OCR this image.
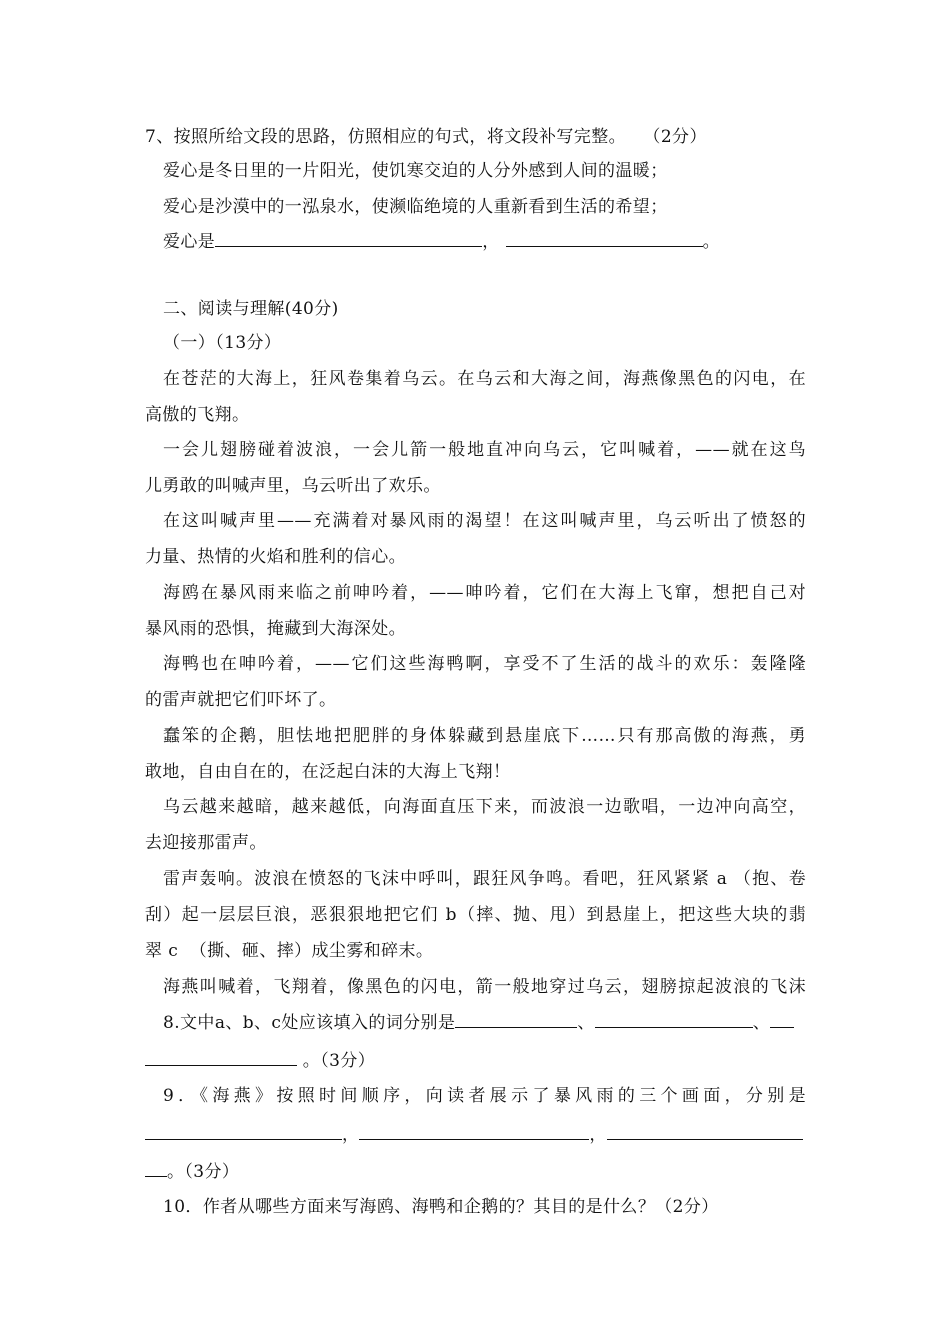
7、按照所给文段的思路，仿照相应的句式，将文段补写完整。   （2分）
爱心是冬日里的一片阳光，使饥寒交迫的人分外感到人间的温暖；
爱心是沙漠中的一泓泉水，使濒临绝境的人重新看到生活的希望；
爱心是	，	。
二、阅读与理解(40分)
（一）（13分）
在苍茫的大海上，狂风卷集着乌云。在乌云和大海之间，海燕像黑色的闪电，在
高傲的飞翔。
一会儿翅膀碰着波浪，一会儿箭一般地直冲向乌云，它叫喊着，——就在这鸟
儿勇敢的叫喊声里，乌云听出了欢乐。
在这叫喊声里——充满着对暴风雨的渴望！在这叫喊声里，乌云听出了愤怒的
力量、热情的火焰和胜利的信心。
海鸥在暴风雨来临之前呻吟着，——呻吟着，它们在大海上飞窜，想把自己对
暴风雨的恐惧，掩藏到大海深处。
海鸭也在呻吟着，——它们这些海鸭啊，享受不了生活的战斗的欢乐：轰隆隆
的雷声就把它们吓坏了。
蠢笨的企鹅，胆怯地把肥胖的身体躲藏到悬崖底下……只有那高傲的海燕，勇
敢地，自由自在的，在泛起白沫的大海上飞翔！
乌云越来越暗，越来越低，向海面直压下来，而波浪一边歌唱，一边冲向高空，
去迎接那雷声。
雷声轰响。波浪在愤怒的飞沫中呼叫，跟狂风争鸣。看吧，狂风紧紧 a （抱、卷
刮）起一层层巨浪，恶狠狠地把它们 b（摔、抛、甩）到悬崖上，把这些大块的翡
翠 c  （撕、砸、摔）成尘雾和碎末。
海燕叫喊着，飞翔着，像黑色的闪电，箭一般地穿过乌云，翅膀掠起波浪的飞沫
8.文中a、b、c处应该填入的词分别是	、	、
。（3分）
9．《海燕》按照时间顺序，向读者展示了暴风雨的三个画面，分别是
，	，
。（3分）
10．作者从哪些方面来写海鸥、海鸭和企鹅的？其目的是什么？（2分）
